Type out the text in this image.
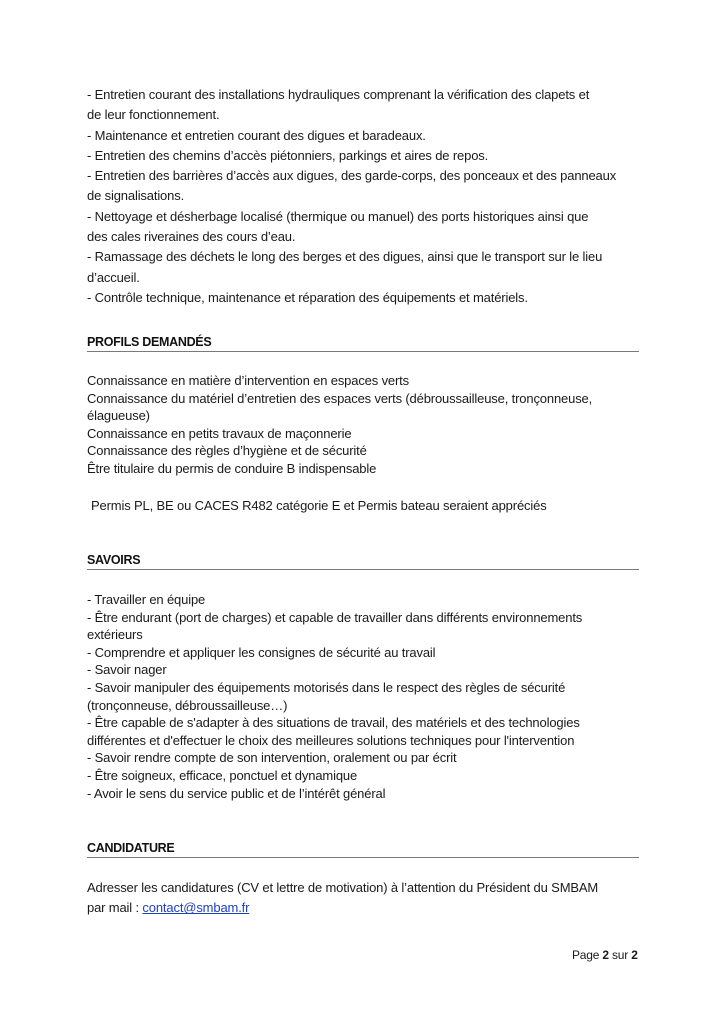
- Entretien courant des installations hydrauliques comprenant la vérification des clapets et
de leur fonctionnement.
- Maintenance et entretien courant des digues et baradeaux.
- Entretien des chemins d’accès piétonniers, parkings et aires de repos.
- Entretien des barrières d’accès aux digues, des garde-corps, des ponceaux et des panneaux
de signalisations.
- Nettoyage et désherbage localisé (thermique ou manuel) des ports historiques ainsi que
des cales riveraines des cours d’eau.
- Ramassage des déchets le long des berges et des digues, ainsi que le transport sur le lieu
d’accueil.
- Contrôle technique, maintenance et réparation des équipements et matériels.
PROFILS DEMANDÉS
Connaissance en matière d’intervention en espaces verts
Connaissance du matériel d’entretien des espaces verts (débroussailleuse, tronçonneuse,
élagueuse)
Connaissance en petits travaux de maçonnerie
Connaissance des règles d’hygiène et de sécurité
Être titulaire du permis de conduire B indispensable
Permis PL, BE ou CACES R482 catégorie E et Permis bateau seraient appréciés
SAVOIRS
- Travailler en équipe
- Être endurant (port de charges) et capable de travailler dans différents environnements
extérieurs
- Comprendre et appliquer les consignes de sécurité au travail
- Savoir nager
- Savoir manipuler des équipements motorisés dans le respect des règles de sécurité
(tronçonneuse, débroussailleuse…)
- Être capable de s'adapter à des situations de travail, des matériels et des technologies
différentes et d'effectuer le choix des meilleures solutions techniques pour l'intervention
- Savoir rendre compte de son intervention, oralement ou par écrit
- Être soigneux, efficace, ponctuel et dynamique
- Avoir le sens du service public et de l’intérêt général
CANDIDATURE
Adresser les candidatures (CV et lettre de motivation) à l’attention du Président du SMBAM
par mail : contact@smbam.fr
Page 2 sur 2
